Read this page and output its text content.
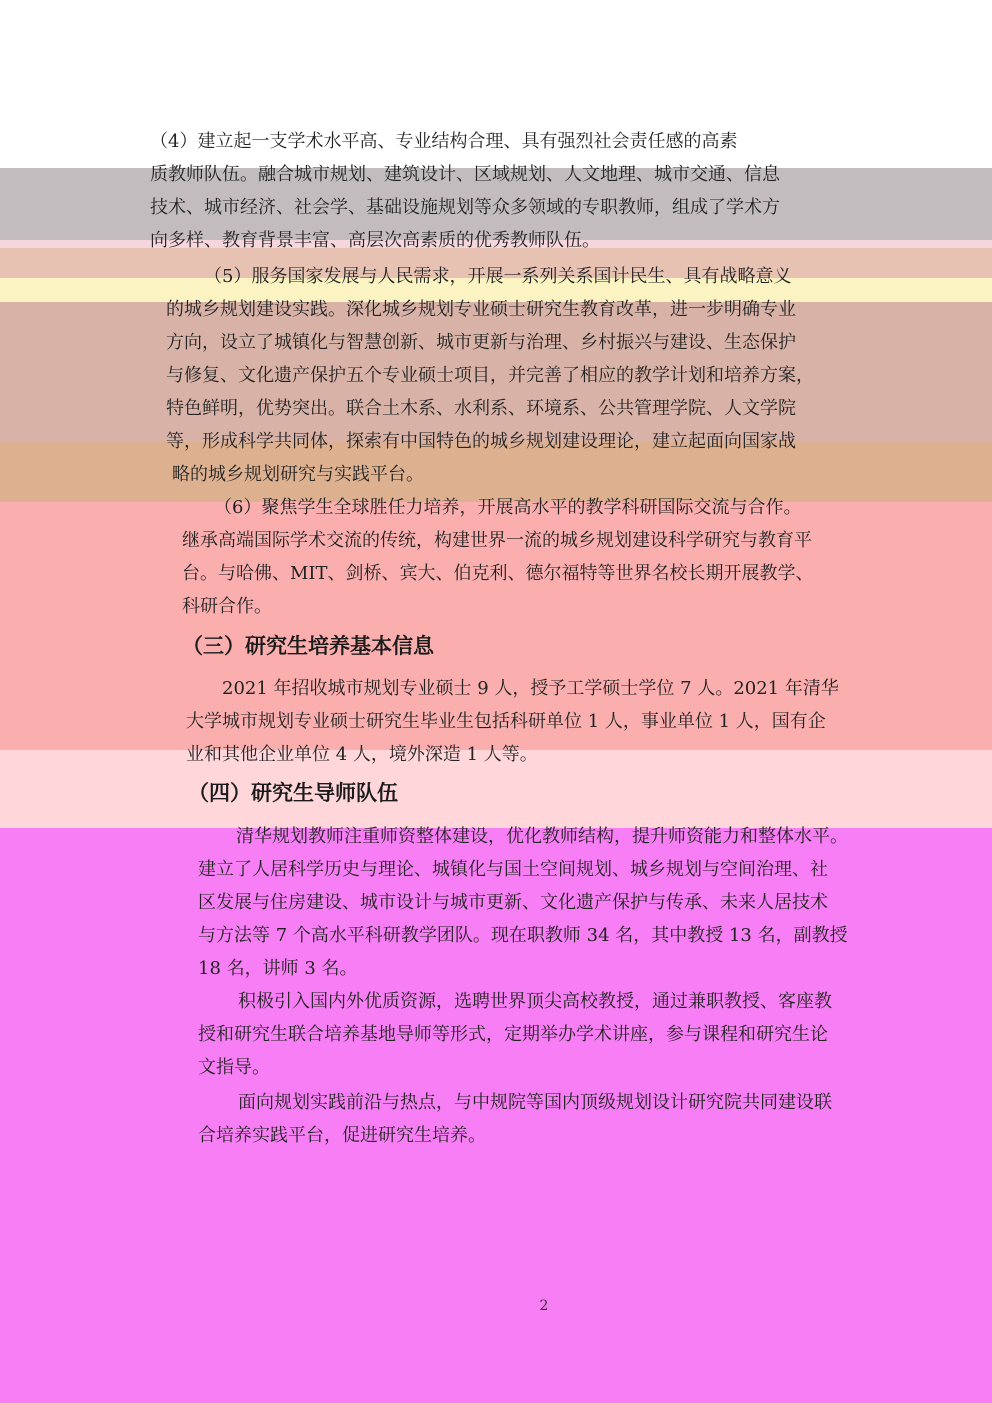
（4）建立起一支学术水平高、专业结构合理、具有强烈社会责任感的高素
质教师队伍。融合城市规划、建筑设计、区域规划、人文地理、城市交通、信息
技术、城市经济、社会学、基础设施规划等众多领域的专职教师，组成了学术方
向多样、教育背景丰富、高层次高素质的优秀教师队伍。
（5）服务国家发展与人民需求，开展一系列关系国计民生、具有战略意义
的城乡规划建设实践。深化城乡规划专业硕士研究生教育改革，进一步明确专业
方向，设立了城镇化与智慧创新、城市更新与治理、乡村振兴与建设、生态保护
与修复、文化遗产保护五个专业硕士项目，并完善了相应的教学计划和培养方案，
特色鲜明，优势突出。联合土木系、水利系、环境系、公共管理学院、人文学院
等，形成科学共同体，探索有中国特色的城乡规划建设理论，建立起面向国家战
略的城乡规划研究与实践平台。
（6）聚焦学生全球胜任力培养，开展高水平的教学科研国际交流与合作。
继承高端国际学术交流的传统，构建世界一流的城乡规划建设科学研究与教育平
台。与哈佛、MIT、剑桥、宾大、伯克利、德尔福特等世界名校长期开展教学、
科研合作。
（三）研究生培养基本信息
2021 年招收城市规划专业硕士 9 人，授予工学硕士学位 7 人。2021 年清华
大学城市规划专业硕士研究生毕业生包括科研单位 1 人，事业单位 1 人，国有企
业和其他企业单位 4 人，境外深造 1 人等。
（四）研究生导师队伍
清华规划教师注重师资整体建设，优化教师结构，提升师资能力和整体水平。
建立了人居科学历史与理论、城镇化与国土空间规划、城乡规划与空间治理、社
区发展与住房建设、城市设计与城市更新、文化遗产保护与传承、未来人居技术
与方法等 7 个高水平科研教学团队。现在职教师 34 名，其中教授 13 名，副教授
18 名，讲师 3 名。
积极引入国内外优质资源，选聘世界顶尖高校教授，通过兼职教授、客座教
授和研究生联合培养基地导师等形式，定期举办学术讲座，参与课程和研究生论
文指导。
面向规划实践前沿与热点，与中规院等国内顶级规划设计研究院共同建设联
合培养实践平台，促进研究生培养。
2
